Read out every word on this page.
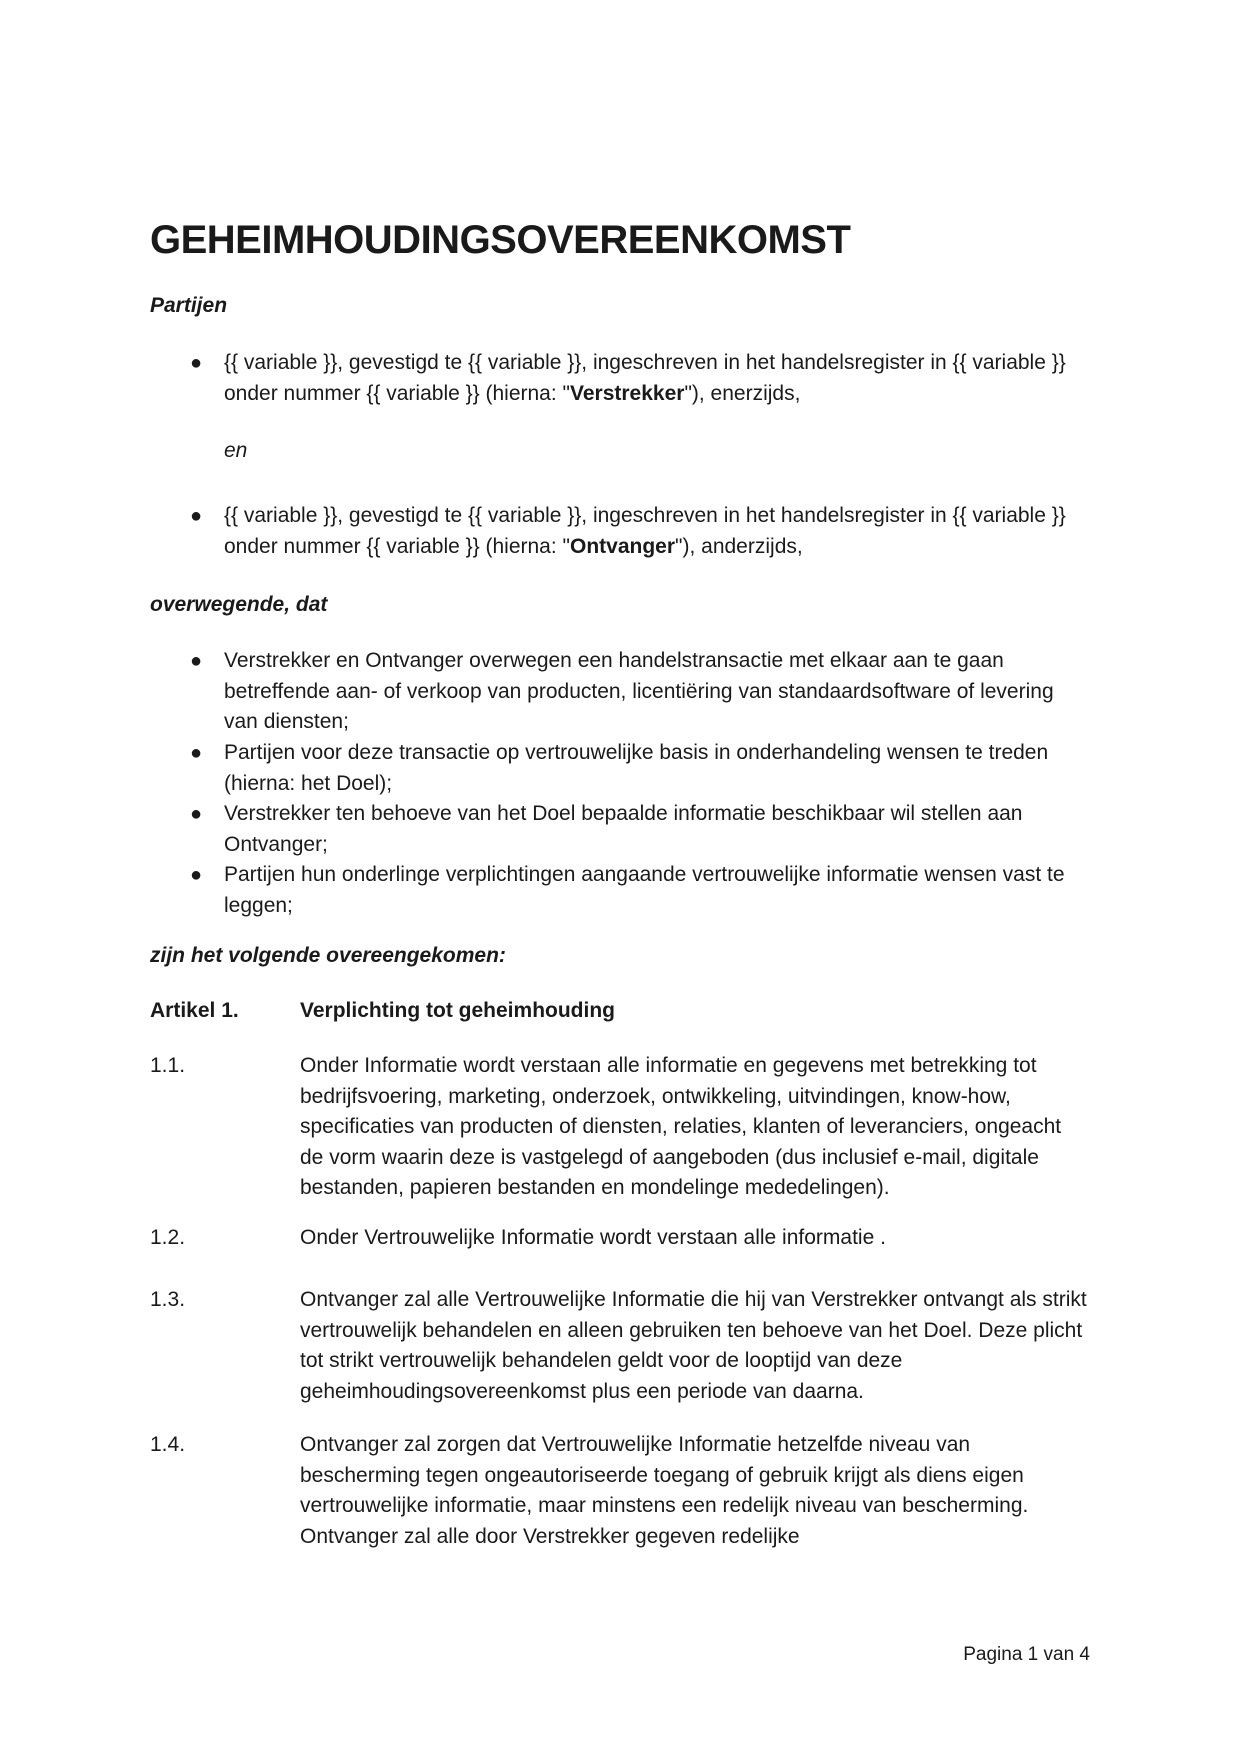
GEHEIMHOUDINGSOVEREENKOMST
Partijen
●	{{ variable }}, gevestigd te {{ variable }}, ingeschreven in het handelsregister in {{ variable }} onder nummer {{ variable }} (hierna: "Verstrekker"), enerzijds,
en
●	{{ variable }}, gevestigd te {{ variable }}, ingeschreven in het handelsregister in {{ variable }} onder nummer {{ variable }} (hierna: "Ontvanger"), anderzijds,
overwegende, dat
●	Verstrekker en Ontvanger overwegen een handelstransactie met elkaar aan te gaan betreffende aan- of verkoop van producten, licentiëring van standaardsoftware of levering van diensten;
●	Partijen voor deze transactie op vertrouwelijke basis in onderhandeling wensen te treden (hierna: het Doel);
●	Verstrekker ten behoeve van het Doel bepaalde informatie beschikbaar wil stellen aan Ontvanger;
●	Partijen hun onderlinge verplichtingen aangaande vertrouwelijke informatie wensen vast te leggen;
zijn het volgende overeengekomen:
Artikel 1.	Verplichting tot geheimhouding
1.1.	Onder Informatie wordt verstaan alle informatie en gegevens met betrekking tot bedrijfsvoering, marketing, onderzoek, ontwikkeling, uitvindingen, know-how, specificaties van producten of diensten, relaties, klanten of leveranciers, ongeacht de vorm waarin deze is vastgelegd of aangeboden (dus inclusief e-mail, digitale bestanden, papieren bestanden en mondelinge mededelingen).
1.2.	Onder Vertrouwelijke Informatie wordt verstaan alle informatie .
1.3.	Ontvanger zal alle Vertrouwelijke Informatie die hij van Verstrekker ontvangt als strikt vertrouwelijk behandelen en alleen gebruiken ten behoeve van het Doel. Deze plicht tot strikt vertrouwelijk behandelen geldt voor de looptijd van deze geheimhoudingsovereenkomst plus een periode van daarna.
1.4.	Ontvanger zal zorgen dat Vertrouwelijke Informatie hetzelfde niveau van bescherming tegen ongeautoriseerde toegang of gebruik krijgt als diens eigen vertrouwelijke informatie, maar minstens een redelijk niveau van bescherming. Ontvanger zal alle door Verstrekker gegeven redelijke
Pagina 1 van 4
